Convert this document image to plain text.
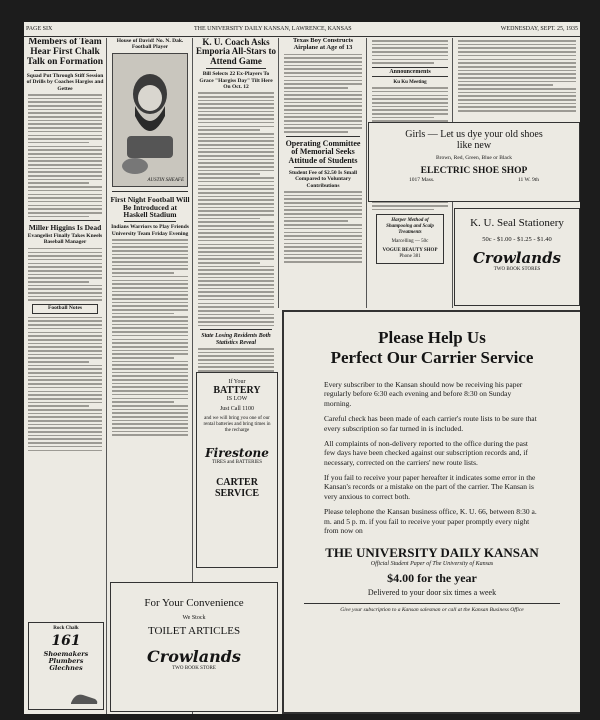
PAGE SIX	THE UNIVERSITY DAILY KANSAN, LAWRENCE, KANSAS	WEDNESDAY, SEPT. 25, 1935
Members of Team Hear First Chalk Talk on Formation
Squad Put Through Stiff Session of Drills by Coaches Hargiss and Gettee
Miller Higgins Is Dead
Evangelist Finally Takes Kneels Baseball Manager
Football Notes
Rock Chalk
161
Shoemakers Plumbers Glechnes
House of David! No. N. Dak. Football Player
AUSTIN SHEAFE
First Night Football Will Be Introduced at Haskell Stadium
Indians Warriors to Play Friends University Team Friday Evening
K. U. Coach Asks Emporia All-Stars to Attend Game
Bill Selects 22 Ex-Players To Grace "Hargiss Day" Tilt Here On Oct. 12
State Losing Residents Both Statistics Reveal
Texas Boy Constructs Airplane at Age of 13
Operating Committee of Memorial Seeks Attitude of Students
Student Fee of $2.50 Is Small Compared to Voluntary Contributions
Announcements
Ku Ku Meeting

Harper Method of Shampooing and Scalp Treatments

Marcelling — 50c

VOGUE BEAUTY SHOP

Phone 381

Girls — Let us dye your old shoes
like new
Brown, Red, Green, Blue or Black
ELECTRIC SHOE SHOP
1017 Mass.	11 W. 9th
K. U. Seal Stationery
50c - $1.00 - $1.25 - $1.40
Crowlands
TWO BOOK STORES
If Your
BATTERY
IS LOW
Just Call 1100
and we will bring you one of our rental batteries and bring times in the recharge
Firestone
TIRES and BATTERIES
CARTER
SERVICE
For Your Convenience
We Stock
TOILET ARTICLES
Crowlands
TWO BOOK STORE
Please Help Us
Perfect Our Carrier Service

Every subscriber to the Kansan should now be receiving his paper regularly before 6:30 each evening and before 8:30 on Sunday morning.

Careful check has been made of each carrier's route lists to be sure that every subscription so far turned in is included.

All complaints of non-delivery reported to the office during the past few days have been checked against our subscription records and, if necessary, corrected on the carriers' new route lists.

If you fail to receive your paper hereafter it indicates some error in the Kansan's records or a mistake on the part of the carrier. The Kansan is very anxious to correct both.

Please telephone the Kansan business office, K. U. 66, between 8:30 a. m. and 5 p. m. if you fail to receive your paper promptly every night from now on

THE UNIVERSITY DAILY KANSAN
Official Student Paper of The University of Kansas
$4.00 for the year
Delivered to your door six times a week
Give your subscription to a Kansan salesman or call at the Kansan Business Office
